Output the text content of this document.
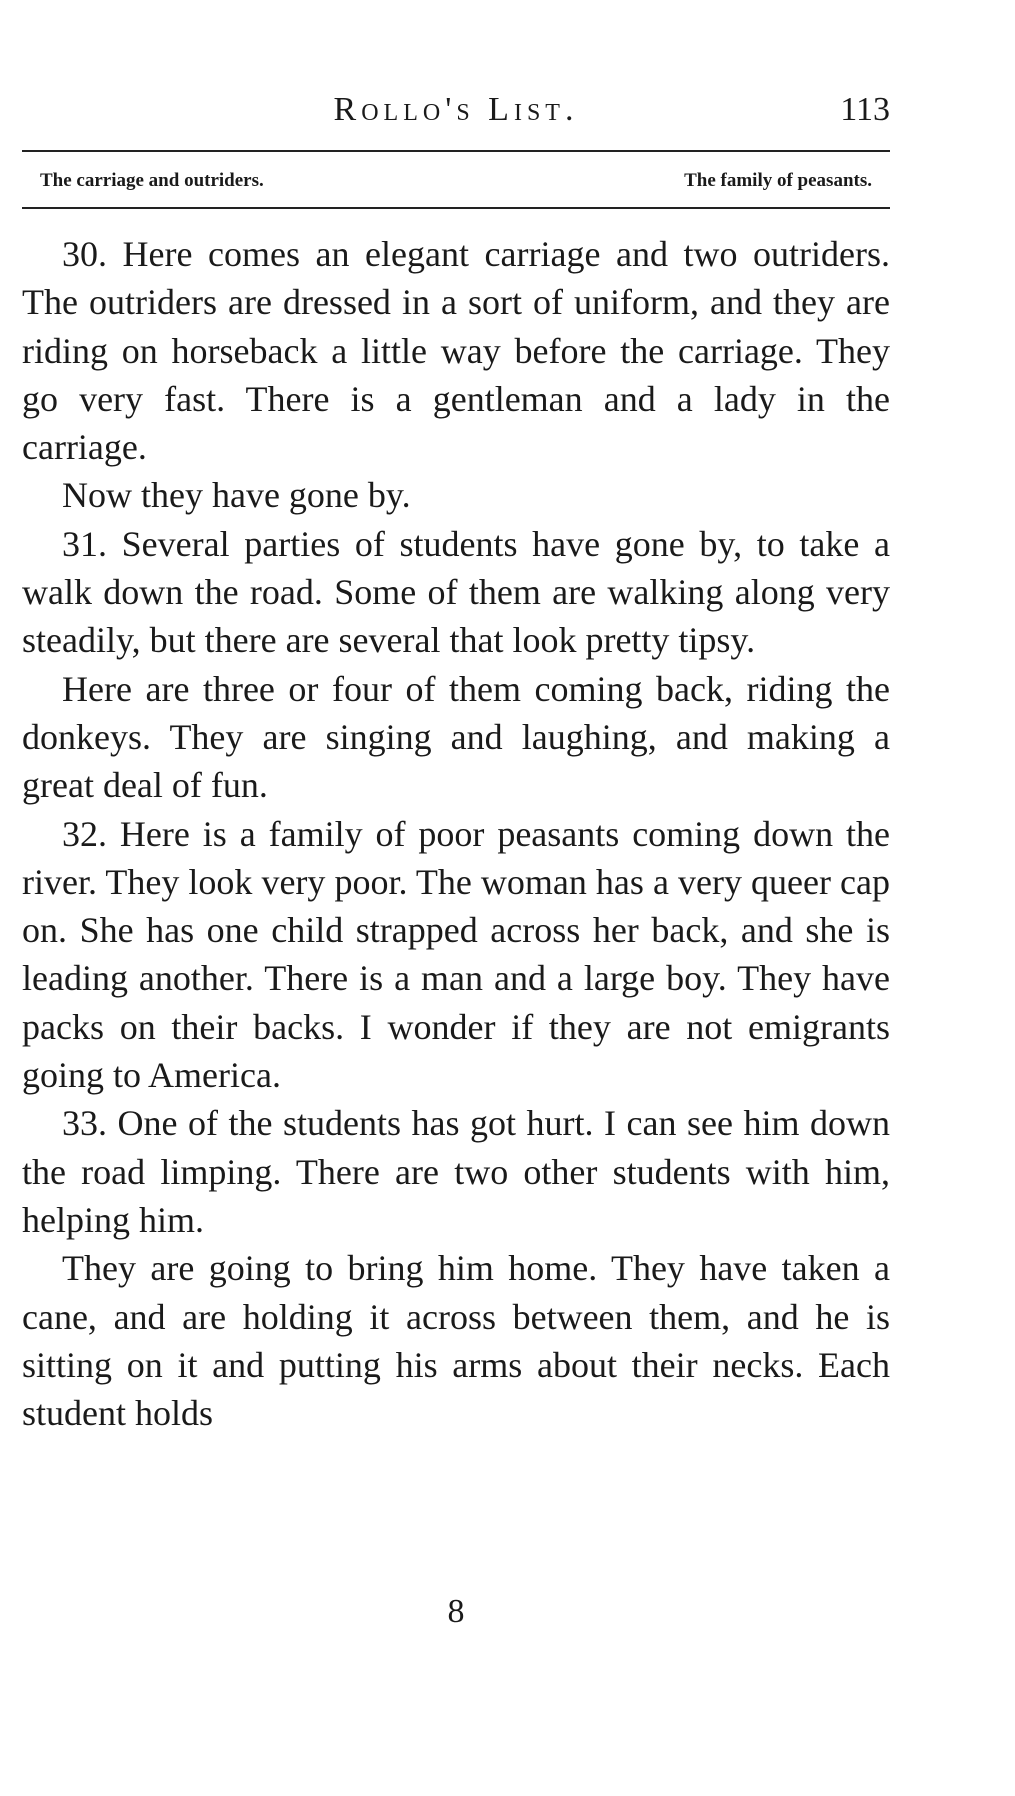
Rollo's List.	113
The carriage and outriders.	The family of peasants.

30. Here comes an elegant carriage and two outriders. The outriders are dressed in a sort of uniform, and they are riding on horseback a little way before the carriage. They go very fast. There is a gentleman and a lady in the carriage.

Now they have gone by.

31. Several parties of students have gone by, to take a walk down the road. Some of them are walking along very steadily, but there are several that look pretty tipsy.

Here are three or four of them coming back, riding the donkeys. They are singing and laughing, and making a great deal of fun.

32. Here is a family of poor peasants coming down the river. They look very poor. The woman has a very queer cap on. She has one child strapped across her back, and she is leading another. There is a man and a large boy. They have packs on their backs. I wonder if they are not emigrants going to America.

33. One of the students has got hurt. I can see him down the road limping. There are two other students with him, helping him.

They are going to bring him home. They have taken a cane, and are holding it across between them, and he is sitting on it and putting his arms about their necks. Each student holds

8
